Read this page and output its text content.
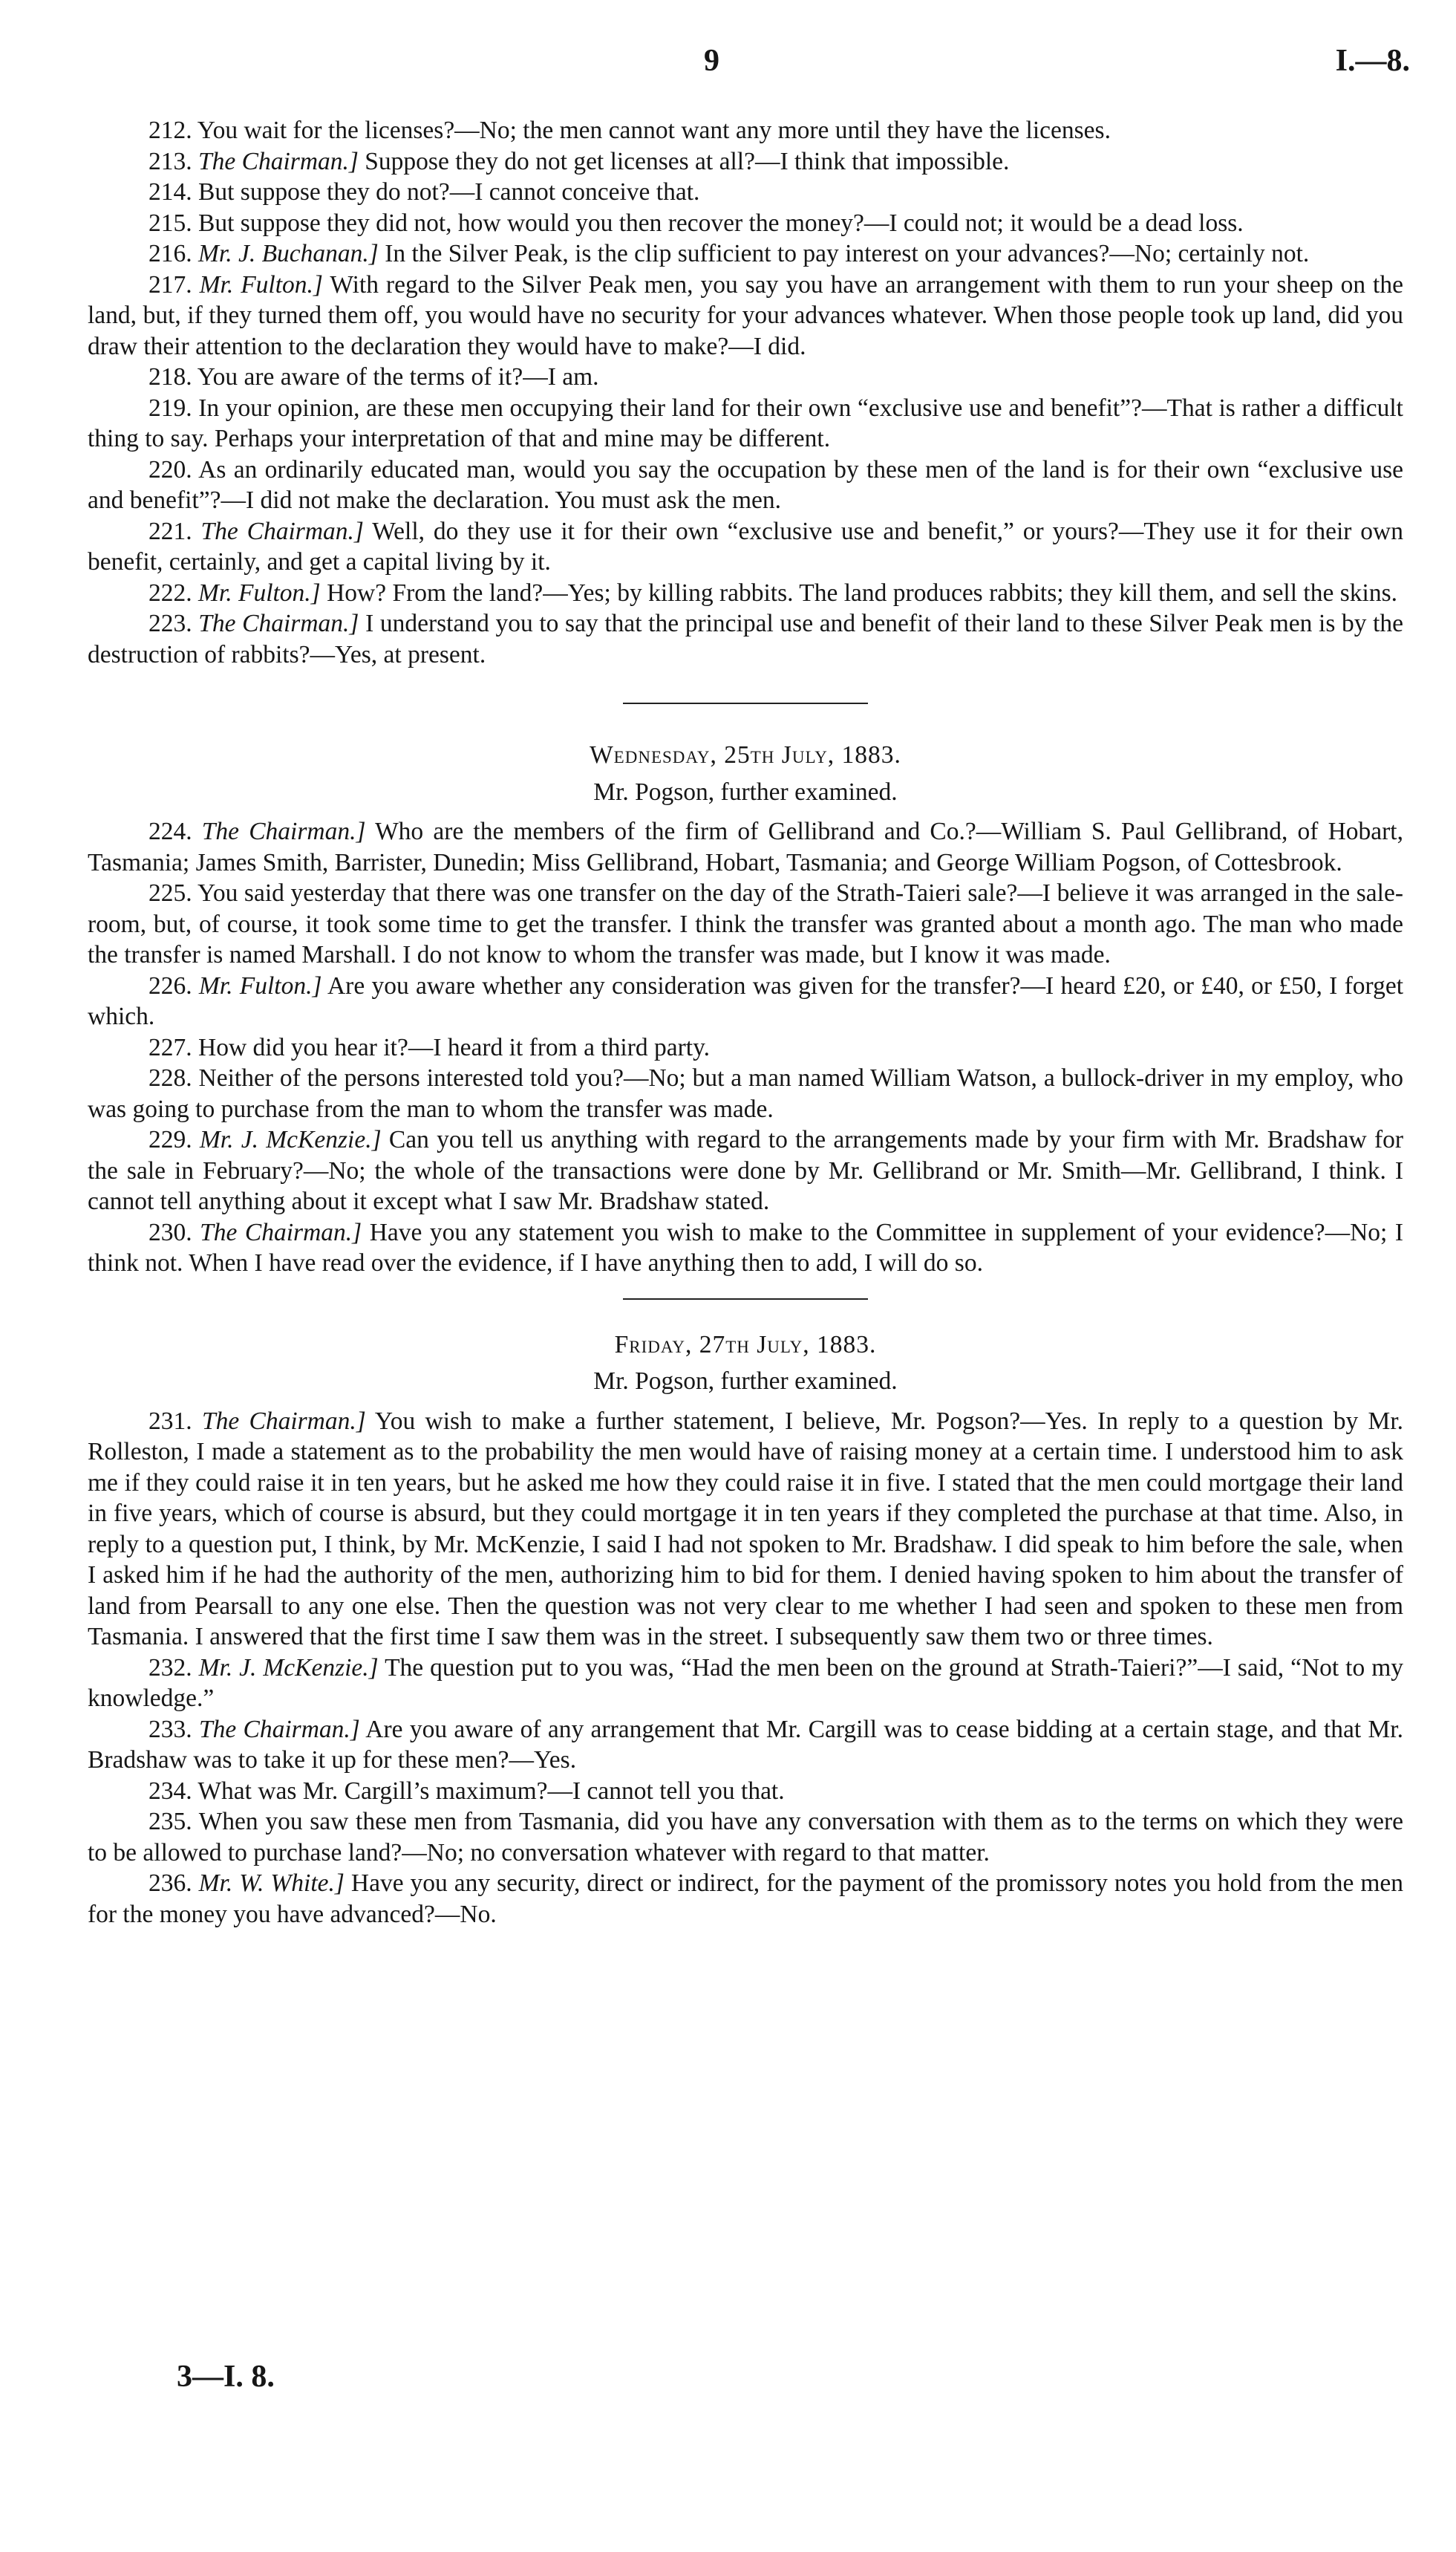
9	I.—8.

212. You wait for the licenses?—No; the men cannot want any more until they have the licenses.

213. The Chairman.] Suppose they do not get licenses at all?—I think that impossible.

214. But suppose they do not?—I cannot conceive that.

215. But suppose they did not, how would you then recover the money?—I could not; it would be a dead loss.

216. Mr. J. Buchanan.] In the Silver Peak, is the clip sufficient to pay interest on your advances?—No; certainly not.

217. Mr. Fulton.] With regard to the Silver Peak men, you say you have an arrangement with them to run your sheep on the land, but, if they turned them off, you would have no security for your advances whatever. When those people took up land, did you draw their attention to the declaration they would have to make?—I did.

218. You are aware of the terms of it?—I am.

219. In your opinion, are these men occupying their land for their own “exclusive use and benefit”?—That is rather a difficult thing to say. Perhaps your interpretation of that and mine may be different.

220. As an ordinarily educated man, would you say the occupation by these men of the land is for their own “exclusive use and benefit”?—I did not make the declaration. You must ask the men.

221. The Chairman.] Well, do they use it for their own “exclusive use and benefit,” or yours?—They use it for their own benefit, certainly, and get a capital living by it.

222. Mr. Fulton.] How? From the land?—Yes; by killing rabbits. The land produces rabbits; they kill them, and sell the skins.

223. The Chairman.] I understand you to say that the principal use and benefit of their land to these Silver Peak men is by the destruction of rabbits?—Yes, at present.

Wednesday, 25th July, 1883.

Mr. Pogson, further examined.

224. The Chairman.] Who are the members of the firm of Gellibrand and Co.?—William S. Paul Gellibrand, of Hobart, Tasmania; James Smith, Barrister, Dunedin; Miss Gellibrand, Hobart, Tasmania; and George William Pogson, of Cottesbrook.

225. You said yesterday that there was one transfer on the day of the Strath-Taieri sale?—I believe it was arranged in the sale-room, but, of course, it took some time to get the transfer. I think the transfer was granted about a month ago. The man who made the transfer is named Marshall. I do not know to whom the transfer was made, but I know it was made.

226. Mr. Fulton.] Are you aware whether any consideration was given for the transfer?—I heard £20, or £40, or £50, I forget which.

227. How did you hear it?—I heard it from a third party.

228. Neither of the persons interested told you?—No; but a man named William Watson, a bullock-driver in my employ, who was going to purchase from the man to whom the transfer was made.

229. Mr. J. McKenzie.] Can you tell us anything with regard to the arrangements made by your firm with Mr. Bradshaw for the sale in February?—No; the whole of the transactions were done by Mr. Gellibrand or Mr. Smith—Mr. Gellibrand, I think. I cannot tell anything about it except what I saw Mr. Bradshaw stated.

230. The Chairman.] Have you any statement you wish to make to the Committee in supplement of your evidence?—No; I think not. When I have read over the evidence, if I have anything then to add, I will do so.

Friday, 27th July, 1883.

Mr. Pogson, further examined.

231. The Chairman.] You wish to make a further statement, I believe, Mr. Pogson?—Yes. In reply to a question by Mr. Rolleston, I made a statement as to the probability the men would have of raising money at a certain time. I understood him to ask me if they could raise it in ten years, but he asked me how they could raise it in five. I stated that the men could mortgage their land in five years, which of course is absurd, but they could mortgage it in ten years if they completed the purchase at that time. Also, in reply to a question put, I think, by Mr. McKenzie, I said I had not spoken to Mr. Bradshaw. I did speak to him before the sale, when I asked him if he had the authority of the men, authorizing him to bid for them. I denied having spoken to him about the transfer of land from Pearsall to any one else. Then the question was not very clear to me whether I had seen and spoken to these men from Tasmania. I answered that the first time I saw them was in the street. I subsequently saw them two or three times.

232. Mr. J. McKenzie.] The question put to you was, “Had the men been on the ground at Strath-Taieri?”—I said, “Not to my knowledge.”

233. The Chairman.] Are you aware of any arrangement that Mr. Cargill was to cease bidding at a certain stage, and that Mr. Bradshaw was to take it up for these men?—Yes.

234. What was Mr. Cargill’s maximum?—I cannot tell you that.

235. When you saw these men from Tasmania, did you have any conversation with them as to the terms on which they were to be allowed to purchase land?—No; no conversation whatever with regard to that matter.

236. Mr. W. White.] Have you any security, direct or indirect, for the payment of the promissory notes you hold from the men for the money you have advanced?—No.

3—I. 8.
